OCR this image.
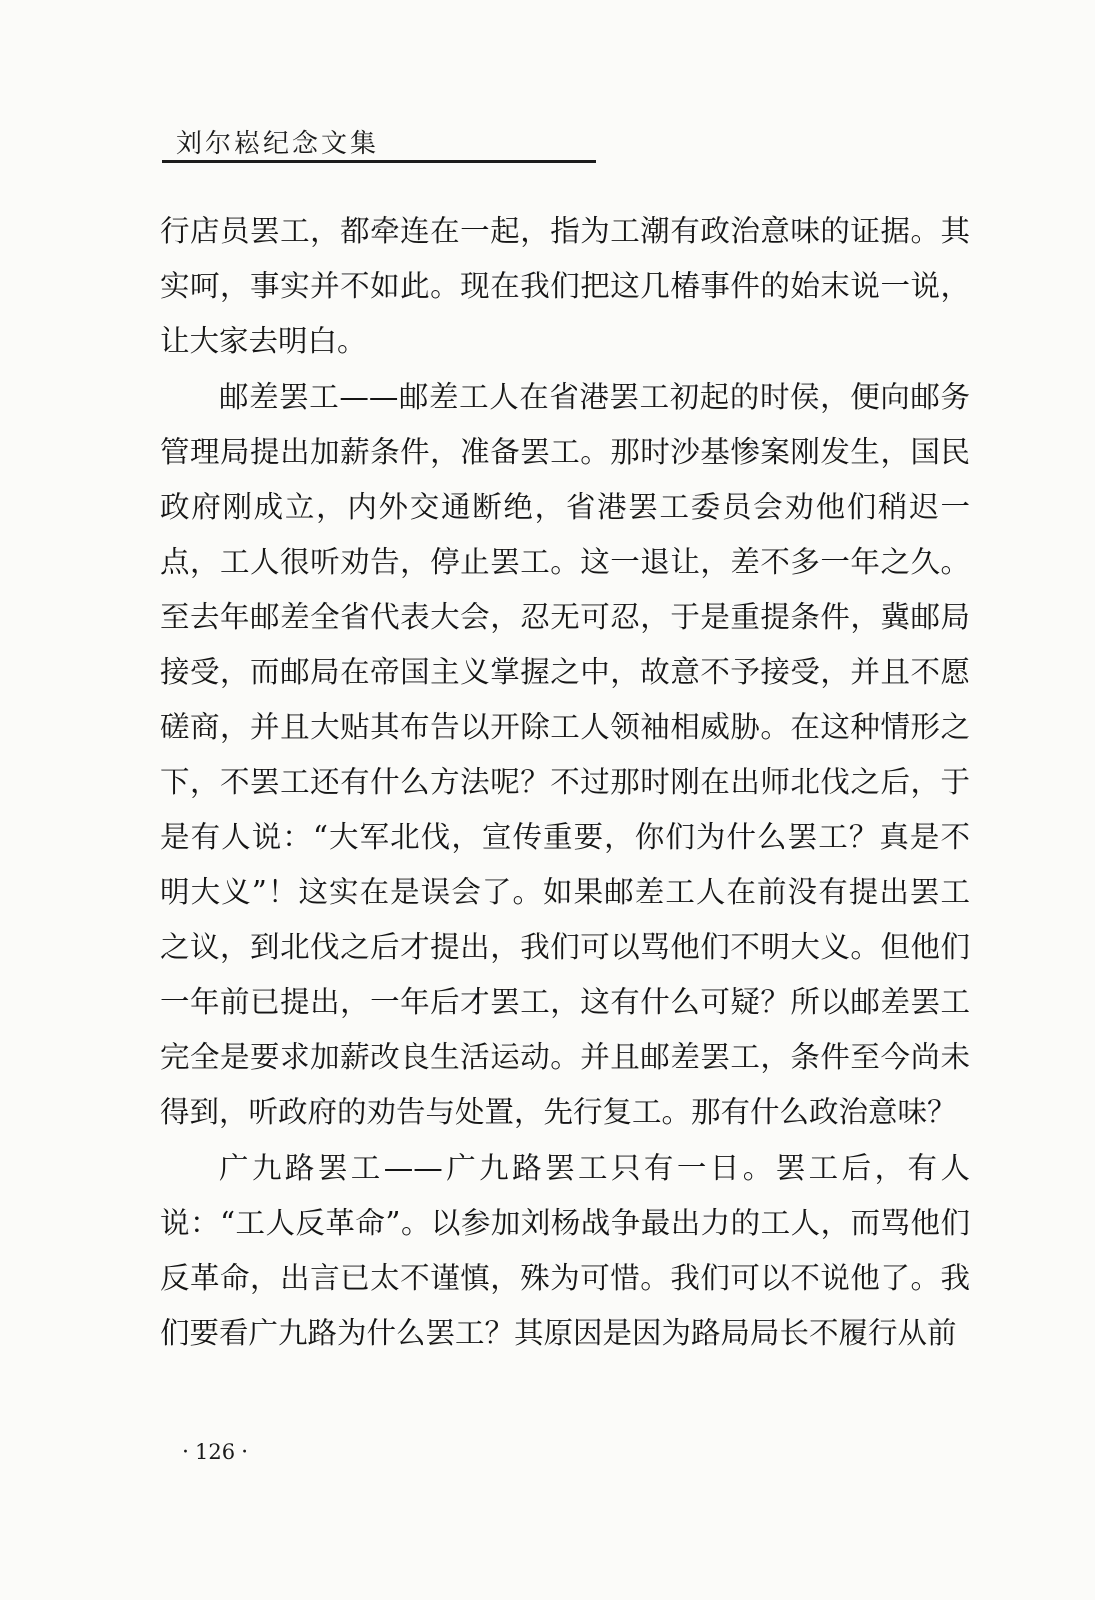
刘尔崧纪念文集

行店员罢工，都牵连在一起，指为工潮有政治意味的证据。其实呵，事实并不如此。现在我们把这几椿事件的始末说一说，让大家去明白。

邮差罢工——邮差工人在省港罢工初起的时侯，便向邮务管理局提出加薪条件，准备罢工。那时沙基惨案刚发生，国民政府刚成立，内外交通断绝，省港罢工委员会劝他们稍迟一点，工人很听劝告，停止罢工。这一退让，差不多一年之久。至去年邮差全省代表大会，忍无可忍，于是重提条件，冀邮局接受，而邮局在帝国主义掌握之中，故意不予接受，并且不愿磋商，并且大贴其布告以开除工人领袖相威胁。在这种情形之下，不罢工还有什么方法呢？不过那时刚在出师北伐之后，于是有人说：“大军北伐，宣传重要，你们为什么罢工？真是不明大义”！这实在是误会了。如果邮差工人在前没有提出罢工之议，到北伐之后才提出，我们可以骂他们不明大义。但他们一年前已提出，一年后才罢工，这有什么可疑？所以邮差罢工完全是要求加薪改良生活运动。并且邮差罢工，条件至今尚未得到，听政府的劝告与处置，先行复工。那有什么政治意味？

广九路罢工——广九路罢工只有一日。罢工后，有人说：“工人反革命”。以参加刘杨战争最出力的工人，而骂他们反革命，出言已太不谨慎，殊为可惜。我们可以不说他了。我们要看广九路为什么罢工？其原因是因为路局局长不履行从前

· 126 ·
